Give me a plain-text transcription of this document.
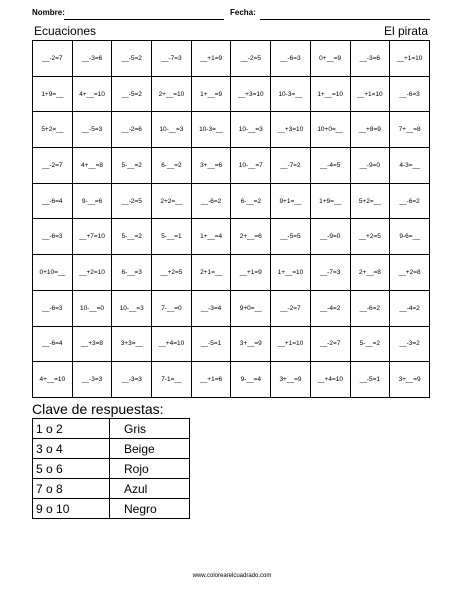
Nombre:	Fecha:
Ecuaciones	El pirata
__-2=7	__-3=6	__-5=2	__-7=3	__+1=9	__-2=5	__-6=3	0+__=9	__-3=6	__+1=10
1+9=__	4+__=10	__-5=2	2+__=10	1+__=9	__+3=10	10-3=__	1+__=10	__+1=10	__-6=3
5+2=__	__-5=3	__-2=6	10-__=3	10-3=__	10-__=3	__+3=10	10+0=__	__+8=9	7+__=8
__-2=7	4+__=8	5-__=2	6-__=2	3+__=6	10-__=7	__-7=2	__-4=5	__-9=0	4-3=__
__-6=4	9-__=6	__-2=5	2+2=__	__-6=2	6-__=2	9+1=__	1+9=__	5+2=__	__-6=2
__-6=3	__+7=10	5-__=2	5-__=1	1+__=4	2+__=6	__-5=5	__-9=0	__+2=5	9-6=__
0+10=__	__+2=10	6-__=3	__+2=5	2+1=__	__+1=9	1+__=10	__-7=3	2+__=8	__+2=8
__-6=3	10-__=0	10-__=3	7-__=0	__-3=4	9+0=__	__-2=7	__-4=2	__-6=2	__-4=2
__-6=4	__+3=8	3+3=__	__+4=10	__-5=1	3+__=9	__+1=10	__-2=7	5-__=2	__-3=2
4+__=10	__-3=3	__-3=3	7-1=__	__+1=6	9-__=4	3+__=9	__+4=10	__-5=1	3+__=9
Clave de respuestas:
1 o 2	Gris
3 o 4	Beige
5 o 6	Rojo
7 o 8	Azul
9 o 10	Negro
www.colorearelcuadrado.com
